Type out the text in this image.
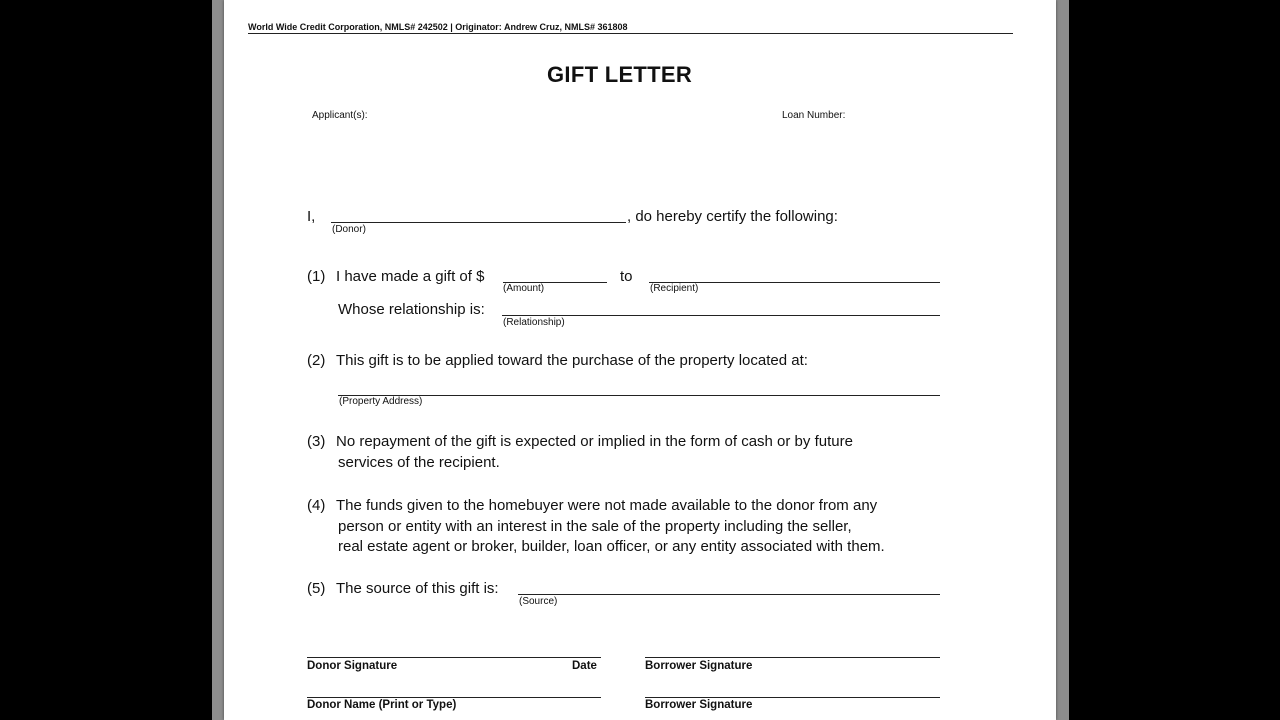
World Wide Credit Corporation, NMLS# 242502 | Originator: Andrew Cruz, NMLS# 361808
GIFT LETTER
Applicant(s):	Loan Number:
I,
(Donor)
, do hereby certify the following:
(1) I have made a gift of $
(Amount)
to
(Recipient)
Whose relationship is:
(Relationship)
(2) This gift is to be applied toward the purchase of the property located at:
(Property Address)
(3) No repayment of the gift is expected or implied in the form of cash or by future
services of the recipient.
(4) The funds given to the homebuyer were not made available to the donor from any
person or entity with an interest in the sale of the property including the seller,
real estate agent or broker, builder, loan officer, or any entity associated with them.
(5) The source of this gift is:
(Source)
Donor Signature	Date	Borrower Signature
Donor Name (Print or Type)	Borrower Signature
